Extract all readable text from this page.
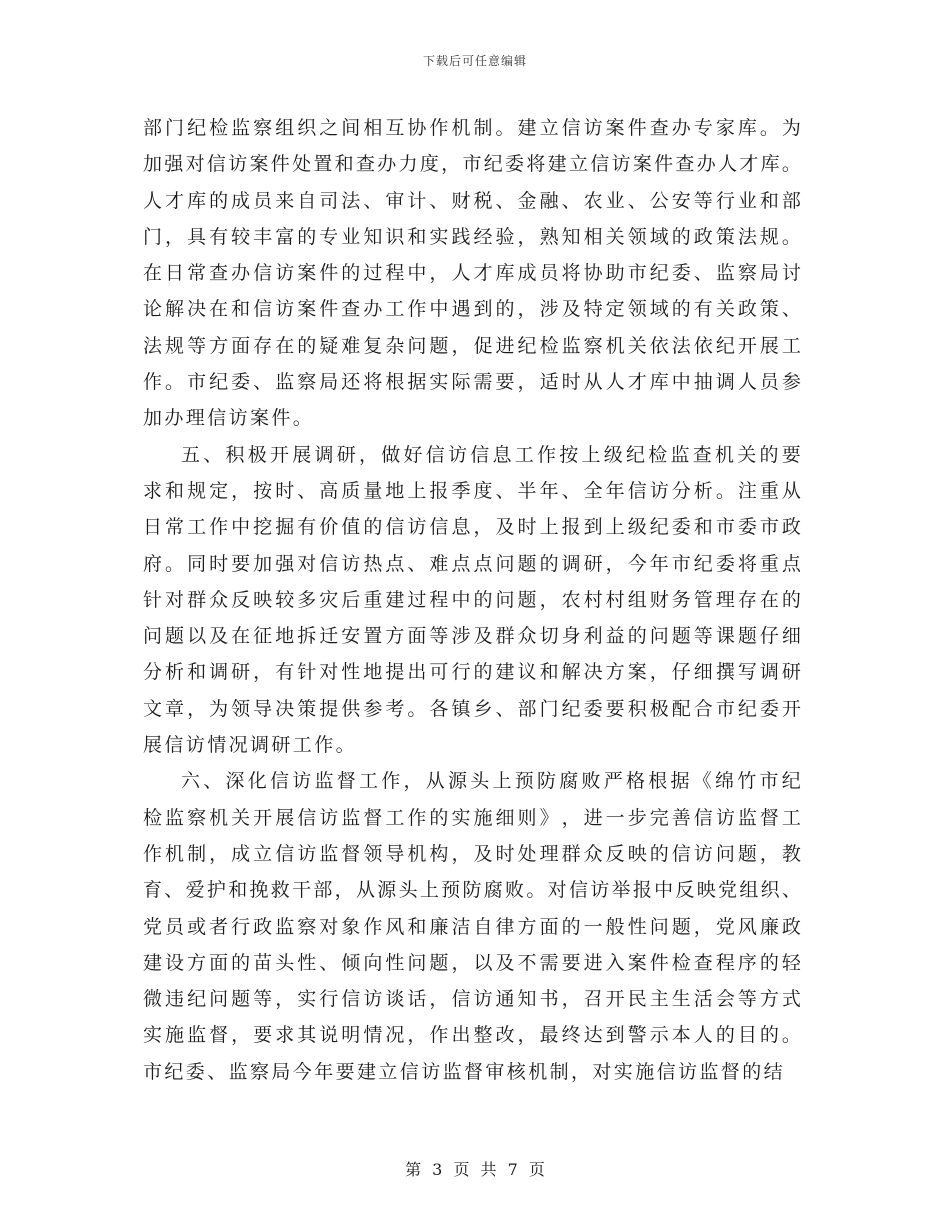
下载后可任意编辑
部 门 纪 检 监 察 组 织 之 间 相 互 协 作 机 制 。 建 立 信 访 案 件 查 办 专 家 库 。 为
加 强 对 信 访 案 件 处 置 和 查 办 力 度 ， 市 纪 委 将 建 立 信 访 案 件 查 办 人 才 库 。
人 才 库 的 成 员 来 自 司 法 、 审 计 、 财 税 、 金 融 、 农 业 、 公 安 等 行 业 和 部
门 ， 具 有 较 丰 富 的 专 业 知 识 和 实 践 经 验 ， 熟 知 相 关 领 域 的 政 策 法 规 。
在 日 常 查 办 信 访 案 件 的 过 程 中 ， 人 才 库 成 员 将 协 助 市 纪 委 、 监 察 局 讨
论 解 决 在 和 信 访 案 件 查 办 工 作 中 遇 到 的 ， 涉 及 特 定 领 域 的 有 关 政 策 、
法 规 等 方 面 存 在 的 疑 难 复 杂 问 题 ， 促 进 纪 检 监 察 机 关 依 法 依 纪 开 展 工
作 。 市 纪 委 、 监 察 局 还 将 根 据 实 际 需 要 ， 适 时 从 人 才 库 中 抽 调 人 员 参
加办理信访案件。
五 、 积 极 开 展 调 研 ， 做 好 信 访 信 息 工 作 按 上 级 纪 检 监 查 机 关 的 要
求 和 规 定 ， 按 时 、 高 质 量 地 上 报 季 度 、 半 年 、 全 年 信 访 分 析 。 注 重 从
日 常 工 作 中 挖 掘 有 价 值 的 信 访 信 息 ， 及 时 上 报 到 上 级 纪 委 和 市 委 市 政
府 。 同 时 要 加 强 对 信 访 热 点 、 难 点 点 问 题 的 调 研 ， 今 年 市 纪 委 将 重 点
针 对 群 众 反 映 较 多 灾 后 重 建 过 程 中 的 问 题 ， 农 村 村 组 财 务 管 理 存 在 的
问 题 以 及 在 征 地 拆 迁 安 置 方 面 等 涉 及 群 众 切 身 利 益 的 问 题 等 课 题 仔 细
分 析 和 调 研 ， 有 针 对 性 地 提 出 可 行 的 建 议 和 解 决 方 案 ， 仔 细 撰 写 调 研
文 章 ， 为 领 导 决 策 提 供 参 考 。 各 镇 乡 、 部 门 纪 委 要 积 极 配 合 市 纪 委 开
展信访情况调研工作。
六 、 深 化 信 访 监 督 工 作 ， 从 源 头 上 预 防 腐 败 严 格 根 据 《 绵 竹 市 纪
检 监 察 机 关 开 展 信 访 监 督 工 作 的 实 施 细 则 》 ， 进 一 步 完 善 信 访 监 督 工
作 机 制 ， 成 立 信 访 监 督 领 导 机 构 ， 及 时 处 理 群 众 反 映 的 信 访 问 题 ， 教
育 、 爱 护 和 挽 救 干 部 ， 从 源 头 上 预 防 腐 败 。 对 信 访 举 报 中 反 映 党 组 织 、
党 员 或 者 行 政 监 察 对 象 作 风 和 廉 洁 自 律 方 面 的 一 般 性 问 题 ， 党 风 廉 政
建 设 方 面 的 苗 头 性 、 倾 向 性 问 题 ， 以 及 不 需 要 进 入 案 件 检 查 程 序 的 轻
微 违 纪 问 题 等 ， 实 行 信 访 谈 话 ， 信 访 通 知 书 ， 召 开 民 主 生 活 会 等 方 式
实 施 监 督 ， 要 求 其 说 明 情 况 ， 作 出 整 改 ， 最 终 达 到 警 示 本 人 的 目 的 。
市纪委、监察局今年要建立信访监督审核机制，对实施信访监督的结
第 3 页 共 7 页
